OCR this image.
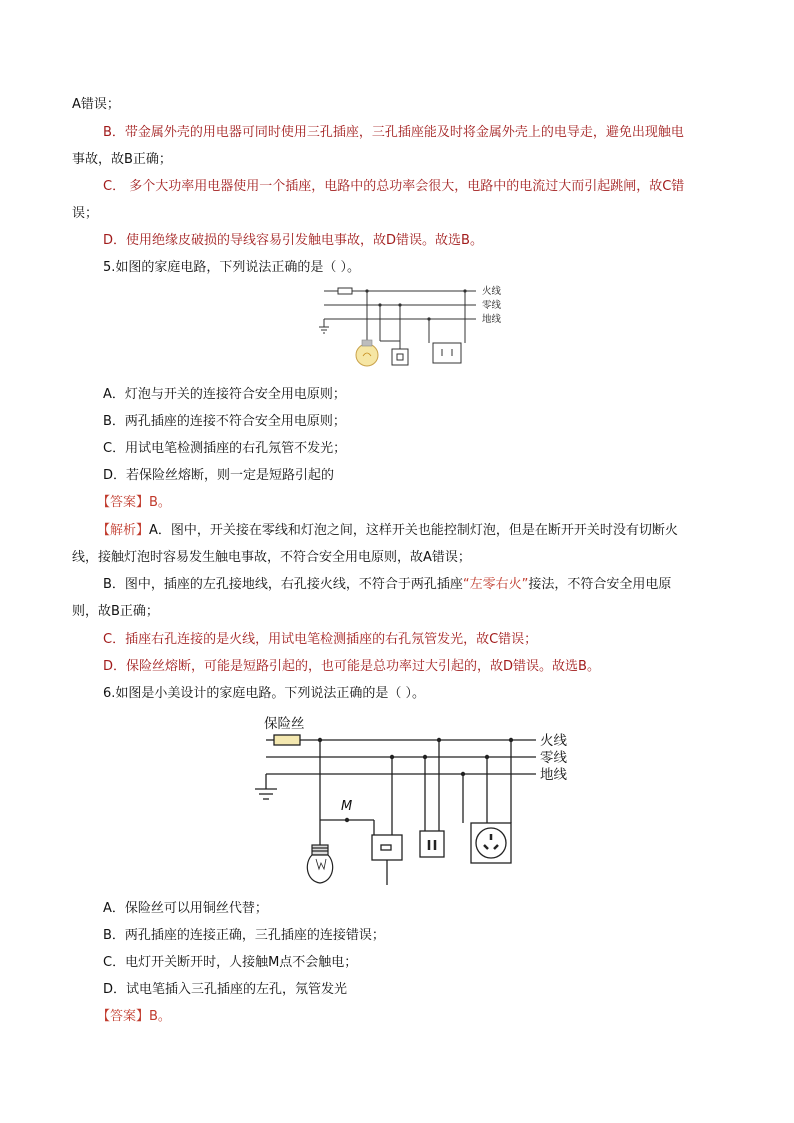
A错误；
B．带金属外壳的用电器可同时使用三孔插座，三孔插座能及时将金属外壳上的电导走，避免出现触电
事故，故B正确；
C． 多个大功率用电器使用一个插座，电路中的总功率会很大，电路中的电流过大而引起跳闸，故C错
误；
D．使用绝缘皮破损的导线容易引发触电事故，故D错误。故选B。
5.如图的家庭电路，下列说法正确的是（ ）。
火线
零线
地线
A．灯泡与开关的连接符合安全用电原则；
B．两孔插座的连接不符合安全用电原则；
C．用试电笔检测插座的右孔氖管不发光；
D．若保险丝熔断，则一定是短路引起的
【答案】B。
【解析】A．图中，开关接在零线和灯泡之间，这样开关也能控制灯泡，但是在断开开关时没有切断火
线，接触灯泡时容易发生触电事故，不符合安全用电原则，故A错误；
B．图中，插座的左孔接地线，右孔接火线，不符合于两孔插座“左零右火”接法，不符合安全用电原
则，故B正确；
C．插座右孔连接的是火线，用试电笔检测插座的右孔氖管发光，故C错误；
D．保险丝熔断，可能是短路引起的，也可能是总功率过大引起的，故D错误。故选B。
6.如图是小美设计的家庭电路。下列说法正确的是（ ）。
保险丝
火线
零线
地线
M
A．保险丝可以用铜丝代替；
B．两孔插座的连接正确，三孔插座的连接错误；
C．电灯开关断开时，人接触M点不会触电；
D．试电笔插入三孔插座的左孔，氖管发光
【答案】B。
